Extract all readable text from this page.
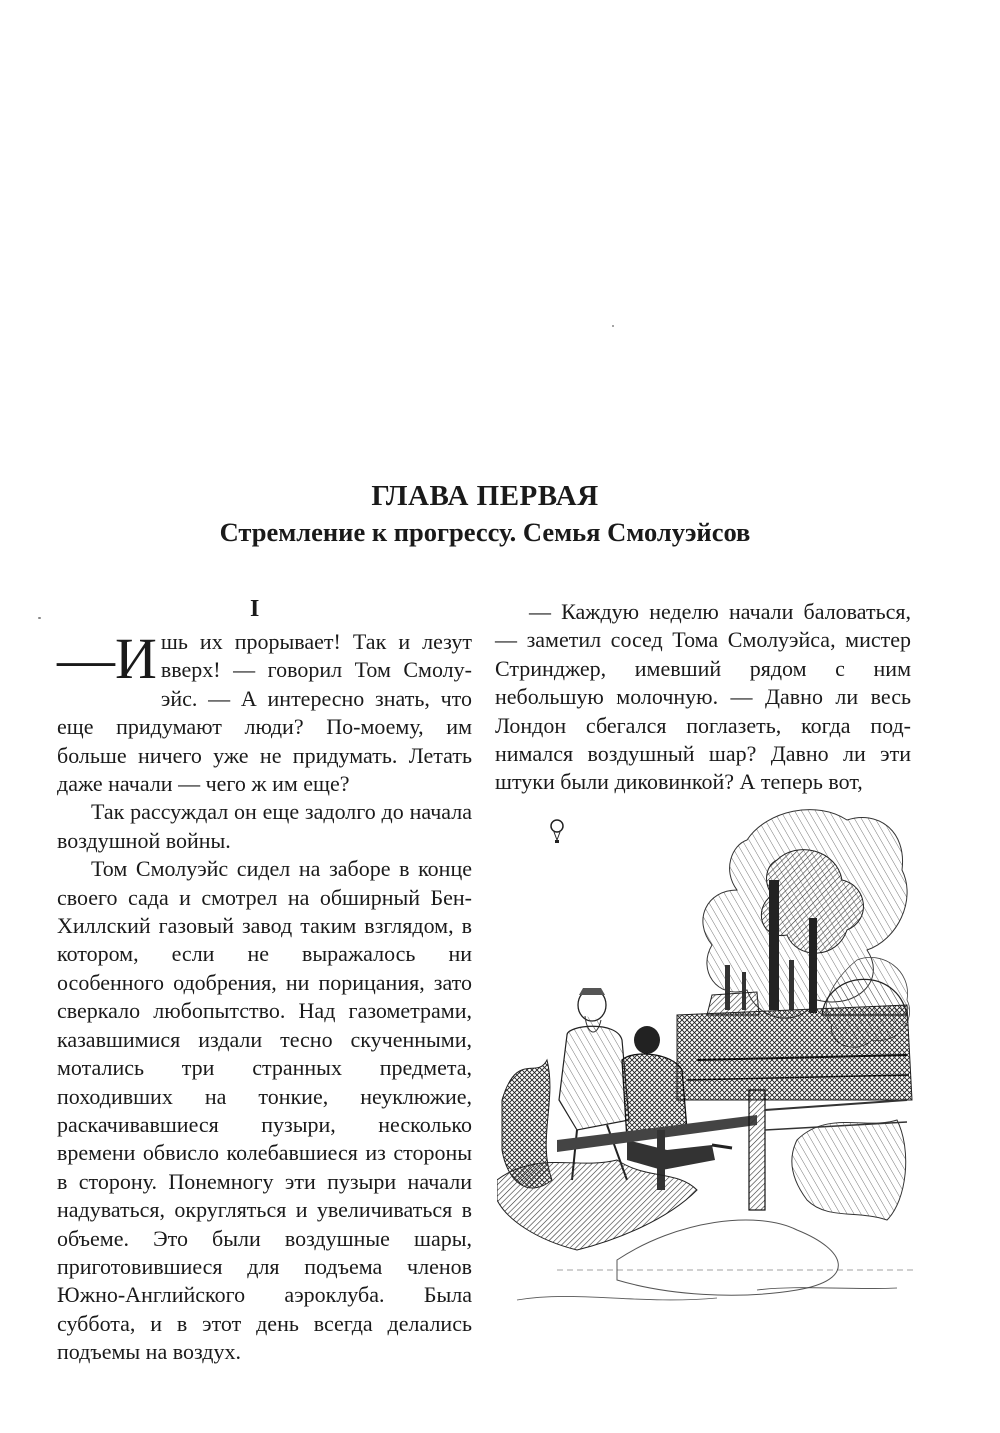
ГЛАВА ПЕРВАЯ
Стремление к прогрессу. Семья Смолуэйсов
I

—И шь их прорывает! Так и лезут вверх! — говорил Том Смолуэйс. — А интересно знать, что еще придумают люди? По-моему, им больше ничего уже не придумать. Летать даже начали — чего ж им еще?

Так рассуждал он еще задолго до начала воздушной войны.

Том Смолуэйс сидел на заборе в конце своего сада и смотрел на обширный Бен-Хиллский газовый завод таким взглядом, в котором, если не выражалось ни особенного одобрения, ни порицания, зато сверкало любопытство. Над газометрами, казавшимися издали тесно скученными, мотались три странных предмета, походивших на тонкие, неуклюжие, раскачивавшиеся пузыри, несколько времени обвисло колебавшиеся из стороны в сторону. Понемногу эти пузыри начали надуваться, округляться и увеличиваться в объеме. Это были воздушные шары, приготовившиеся для подъема членов Южно-Английского аэроклуба. Была суббота, и в этот день всегда делались подъемы на воздух.

— Каждую неделю начали баловаться, — заметил сосед Тома Смолуэйса, мистер Стринджер, имевший рядом с ним небольшую молочную. — Давно ли весь Лондон сбегался поглазеть, когда поднимался воздушный шар? Давно ли эти штуки были диковинкой? А теперь вот,
